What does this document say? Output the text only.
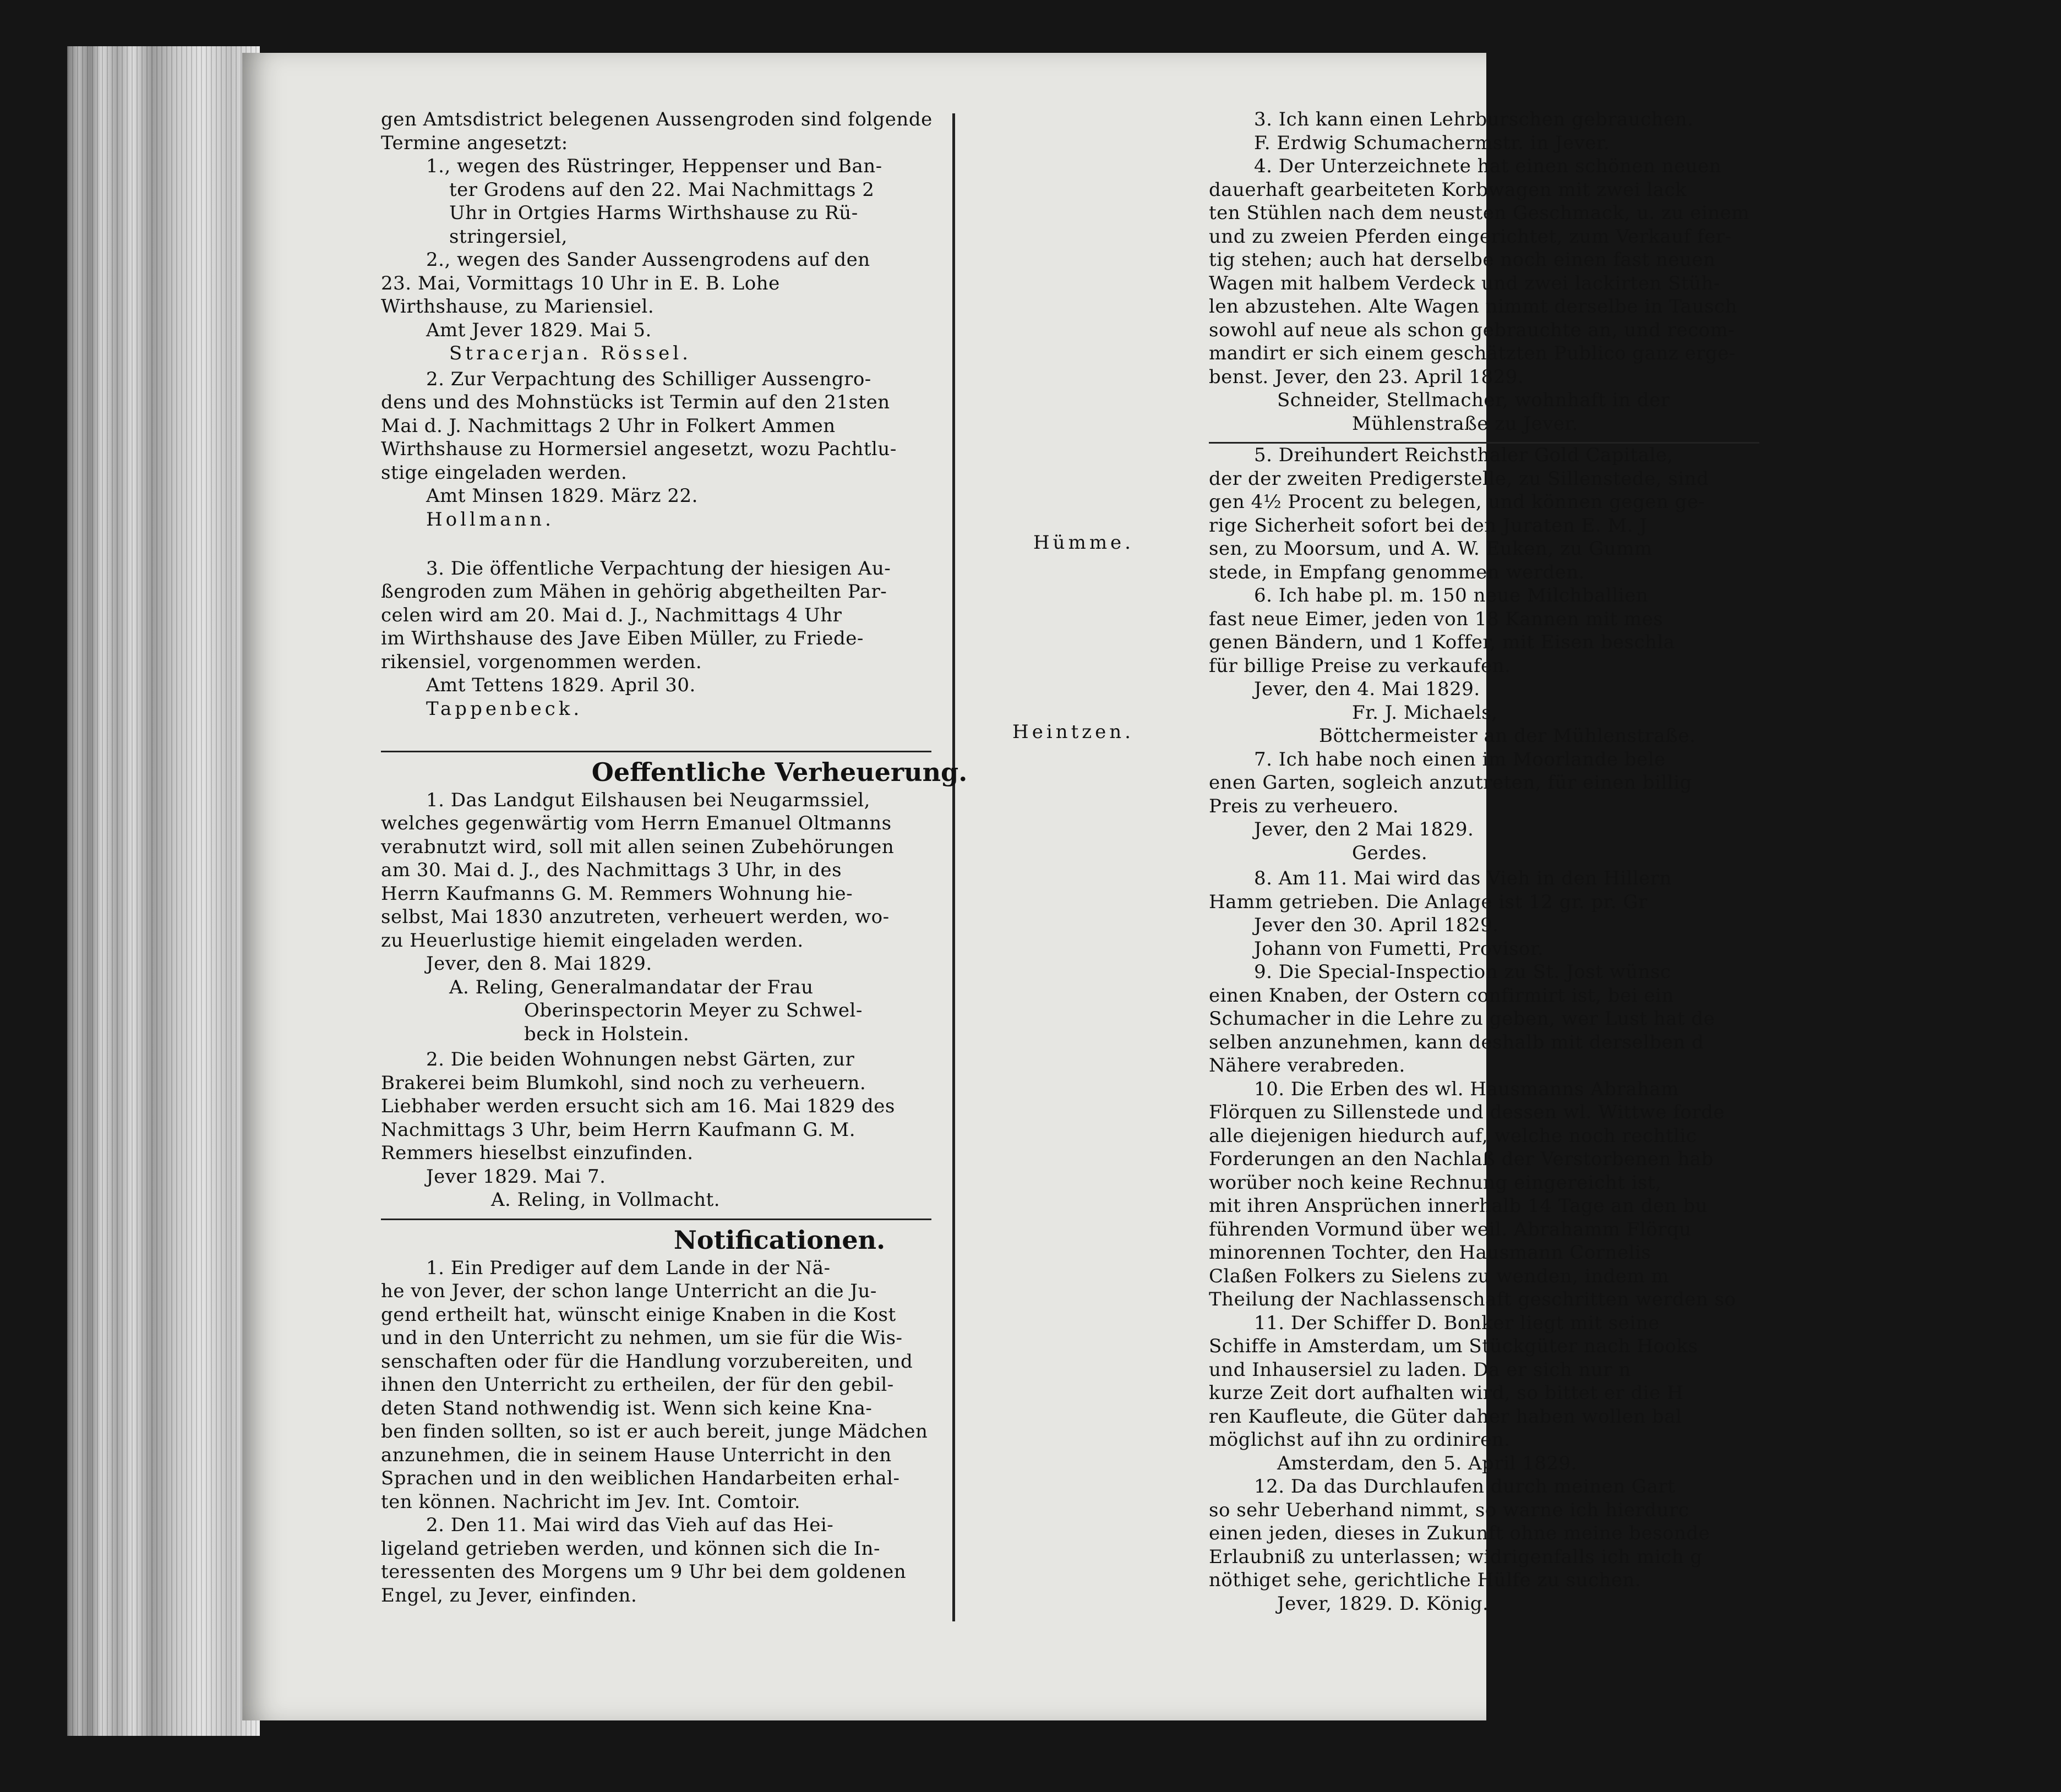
gen Amtsdistrict belegenen Aussengroden sind folgende
Termine angesetzt:
1., wegen des Rüstringer, Heppenser und Ban-
ter Grodens auf den 22. Mai Nachmittags 2
Uhr in Ortgies Harms Wirthshause zu Rü-
stringersiel,
2., wegen des Sander Aussengrodens auf den
23. Mai, Vormittags 10 Uhr in E. B. Lohe
Wirthshause, zu Mariensiel.
Amt Jever 1829. Mai 5.
Stracerjan. Rössel.
2. Zur Verpachtung des Schilliger Aussengro-
dens und des Mohnstücks ist Termin auf den 21sten
Mai d. J. Nachmittags 2 Uhr in Folkert Ammen
Wirthshause zu Hormersiel angesetzt, wozu Pachtlu-
stige eingeladen werden.
Amt Minsen 1829. März 22.
Hollmann.
Hümme.
3. Die öffentliche Verpachtung der hiesigen Au-
ßengroden zum Mähen in gehörig abgetheilten Par-
celen wird am 20. Mai d. J., Nachmittags 4 Uhr
im Wirthshause des Jave Eiben Müller, zu Friede-
rikensiel, vorgenommen werden.
Amt Tettens 1829. April 30.
Tappenbeck.
Heintzen.
Oeffentliche Verheuerung.
1. Das Landgut Eilshausen bei Neugarmssiel,
welches gegenwärtig vom Herrn Emanuel Oltmanns
verabnutzt wird, soll mit allen seinen Zubehörungen
am 30. Mai d. J., des Nachmittags 3 Uhr, in des
Herrn Kaufmanns G. M. Remmers Wohnung hie-
selbst, Mai 1830 anzutreten, verheuert werden, wo-
zu Heuerlustige hiemit eingeladen werden.
Jever, den 8. Mai 1829.
A. Reling, Generalmandatar der Frau
Oberinspectorin Meyer zu Schwel-
beck in Holstein.
2. Die beiden Wohnungen nebst Gärten, zur
Brakerei beim Blumkohl, sind noch zu verheuern.
Liebhaber werden ersucht sich am 16. Mai 1829 des
Nachmittags 3 Uhr, beim Herrn Kaufmann G. M.
Remmers hieselbst einzufinden.
Jever 1829. Mai 7.
A. Reling, in Vollmacht.
Notificationen.
1. Ein Prediger auf dem Lande in der Nä-
he von Jever, der schon lange Unterricht an die Ju-
gend ertheilt hat, wünscht einige Knaben in die Kost
und in den Unterricht zu nehmen, um sie für die Wis-
senschaften oder für die Handlung vorzubereiten, und
ihnen den Unterricht zu ertheilen, der für den gebil-
deten Stand nothwendig ist. Wenn sich keine Kna-
ben finden sollten, so ist er auch bereit, junge Mädchen
anzunehmen, die in seinem Hause Unterricht in den
Sprachen und in den weiblichen Handarbeiten erhal-
ten können. Nachricht im Jev. Int. Comtoir.
2. Den 11. Mai wird das Vieh auf das Hei-
ligeland getrieben werden, und können sich die In-
teressenten des Morgens um 9 Uhr bei dem goldenen
Engel, zu Jever, einfinden.
3. Ich kann einen Lehrburschen gebrauchen.
F. Erdwig Schumachermstr. in Jever.
4. Der Unterzeichnete hat einen schönen neuen
dauerhaft gearbeiteten Korbwagen mit zwei lack
ten Stühlen nach dem neusten Geschmack, u. zu einem
und zu zweien Pferden eingerichtet, zum Verkauf fer-
tig stehen; auch hat derselbe noch einen fast neuen
Wagen mit halbem Verdeck und zwei lackirten Stüh-
len abzustehen. Alte Wagen nimmt derselbe in Tausch
sowohl auf neue als schon gebrauchte an, und recom-
mandirt er sich einem geschätzten Publico ganz erge-
benst. Jever, den 23. April 1829.
Schneider, Stellmacher, wohnhaft in der
Mühlenstraße zu Jever.
5. Dreihundert Reichsthaler Gold Capitale,
der der zweiten Predigerstelle, zu Sillenstede, sind
gen 4½ Procent zu belegen, und können gegen ge-
rige Sicherheit sofort bei den Juraten E. M. J
sen, zu Moorsum, und A. W. Euken, zu Gumm
stede, in Empfang genommen werden.
6. Ich habe pl. m. 150 neue Milchballien
fast neue Eimer, jeden von 18 Kannen mit mes
genen Bändern, und 1 Koffer, mit Eisen beschla
für billige Preise zu verkaufen.
Jever, den 4. Mai 1829.
Fr. J. Michaels,
Böttchermeister an der Mühlenstraße.
7. Ich habe noch einen im Moorlande bele
enen Garten, sogleich anzutreten, für einen billig
Preis zu verheuero.
Jever, den 2 Mai 1829.
Gerdes.
8. Am 11. Mai wird das Vieh in den Hillern
Hamm getrieben. Die Anlage ist 12 gr. pr. Gr
Jever den 30. April 1829.
Johann von Fumetti, Provisor.
9. Die Special-Inspection zu St. Jost wünsc
einen Knaben, der Ostern confirmirt ist, bei ein
Schumacher in die Lehre zu geben, wer Lust hat de
selben anzunehmen, kann deshalb mit derselben d
Nähere verabreden.
10. Die Erben des wl. Hausmanns Abraham
Flörquen zu Sillenstede und dessen wl. Wittwe forde
alle diejenigen hiedurch auf, welche noch rechtlic
Forderungen an den Nachlaß der Verstorbenen hab
worüber noch keine Rechnung eingereicht ist,
mit ihren Ansprüchen innerhalb 14 Tage an den bu
führenden Vormund über weil. Abrahamm Flörqu
minorennen Tochter, den Hausmann Cornelis
Claßen Folkers zu Sielens zu wenden, indem m
Theilung der Nachlassenschaft geschritten werden so
11. Der Schiffer D. Bonker liegt mit seine
Schiffe in Amsterdam, um Stückgüter nach Hooks
und Inhausersiel zu laden. Da er sich nur n
kurze Zeit dort aufhalten wird, so bittet er die H
ren Kaufleute, die Güter daher haben wollen bal
möglichst auf ihn zu ordiniren.
Amsterdam, den 5. April 1829.
12. Da das Durchlaufen durch meinen Gart
so sehr Ueberhand nimmt, so warne ich hierdurc
einen jeden, dieses in Zukunft ohne meine besonde
Erlaubniß zu unterlassen; widrigenfalls ich mich g
nöthiget sehe, gerichtliche Hülfe zu suchen.
Jever, 1829. D. König.
